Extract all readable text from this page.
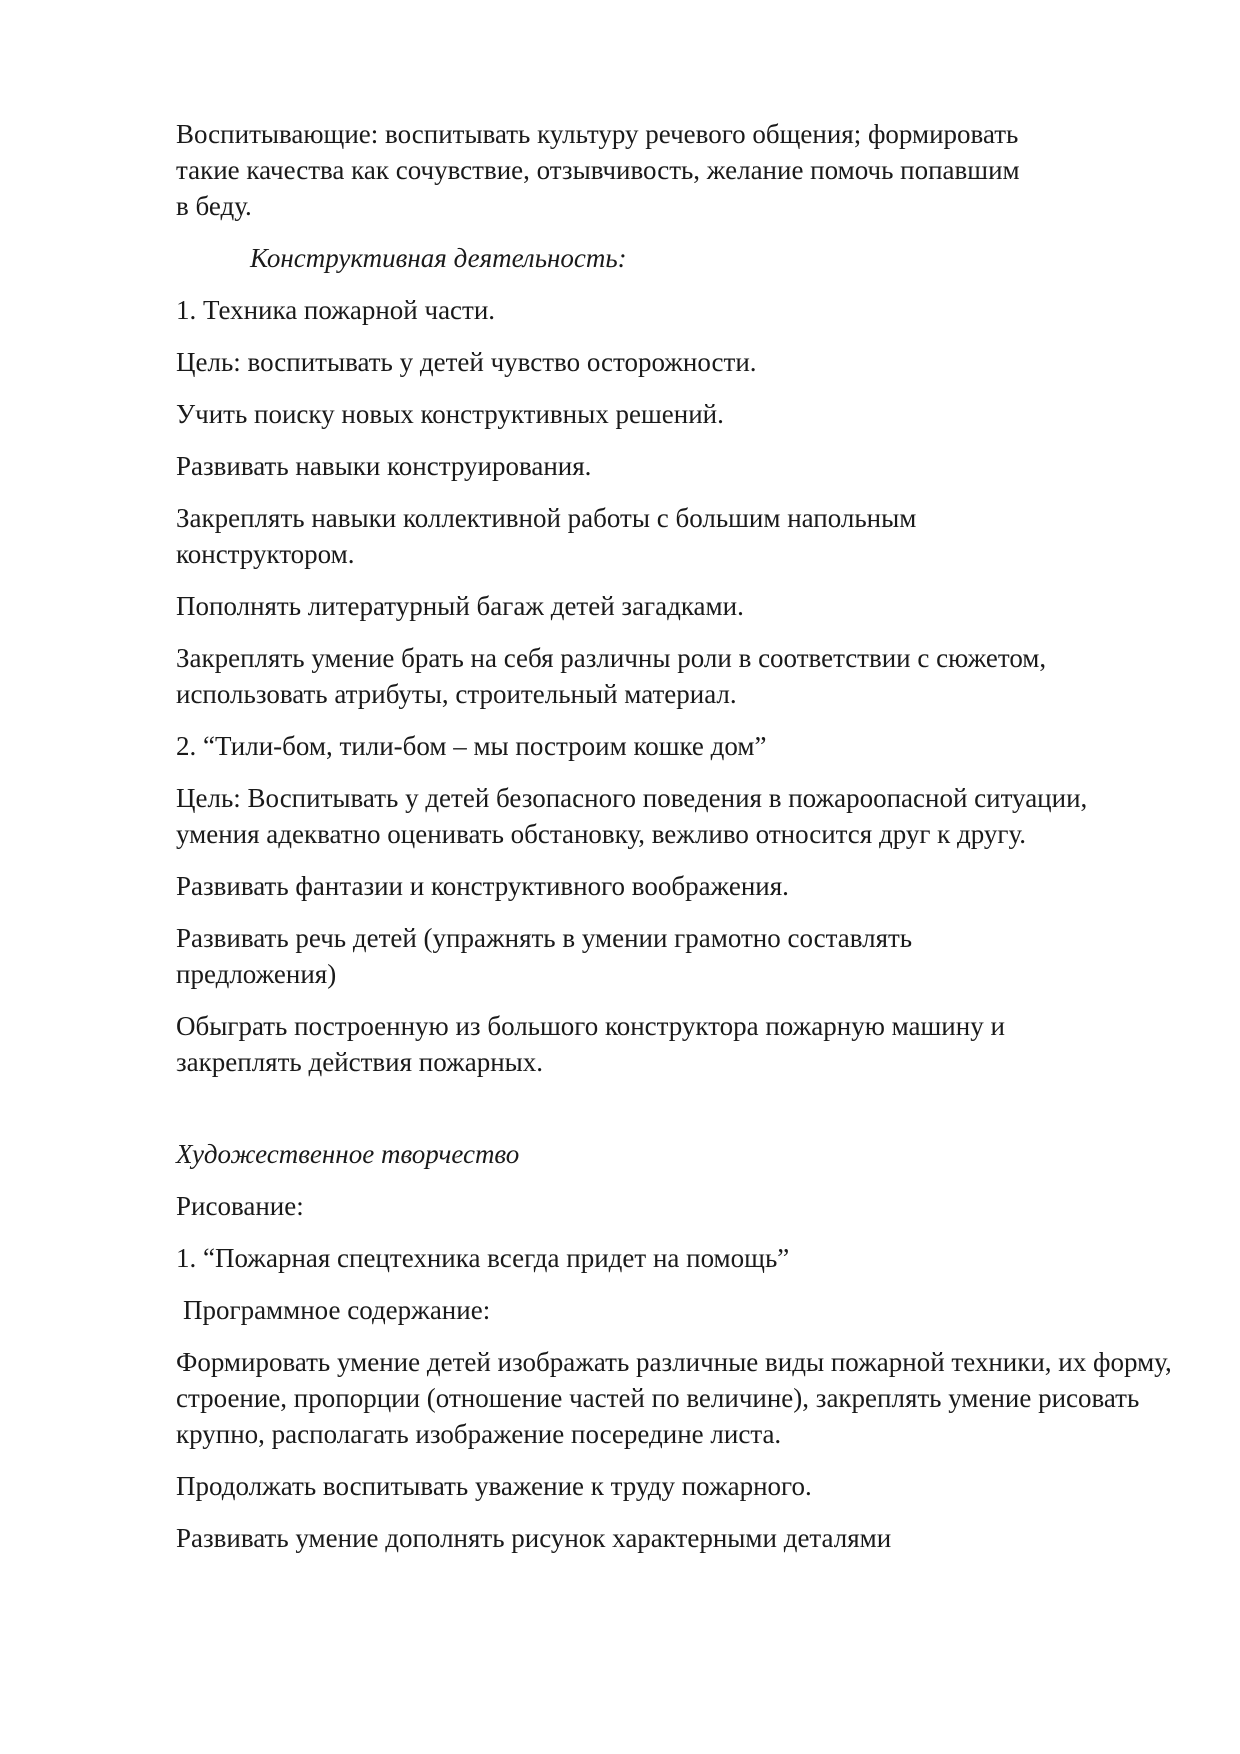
Воспитывающие: воспитывать культуру речевого общения; формировать такие качества как сочувствие, отзывчивость, желание помочь попавшим в беду.

Конструктивная деятельность:

1. Техника пожарной части.

Цель: воспитывать у детей чувство осторожности.

Учить поиску новых конструктивных решений.

Развивать навыки конструирования.

Закреплять навыки коллективной работы с большим напольным конструктором.

Пополнять литературный багаж детей загадками.

Закреплять умение брать на себя различны роли в соответствии с сюжетом, использовать атрибуты, строительный материал.

2. “Тили-бом, тили-бом – мы построим кошке дом”

Цель: Воспитывать у детей безопасного поведения в пожароопасной ситуации, умения адекватно оценивать обстановку, вежливо относится друг к другу.

Развивать фантазии и конструктивного воображения.

Развивать речь детей (упражнять в умении грамотно составлять предложения)

Обыграть построенную из большого конструктора пожарную машину и закреплять действия пожарных.

Художественное творчество

Рисование:

1. “Пожарная спецтехника всегда придет на помощь”

Программное содержание:

Формировать умение детей изображать различные виды пожарной техники, их форму, строение, пропорции (отношение частей по величине), закреплять умение рисовать крупно, располагать изображение посередине листа.

Продолжать воспитывать уважение к труду пожарного.

Развивать умение дополнять рисунок характерными деталями
